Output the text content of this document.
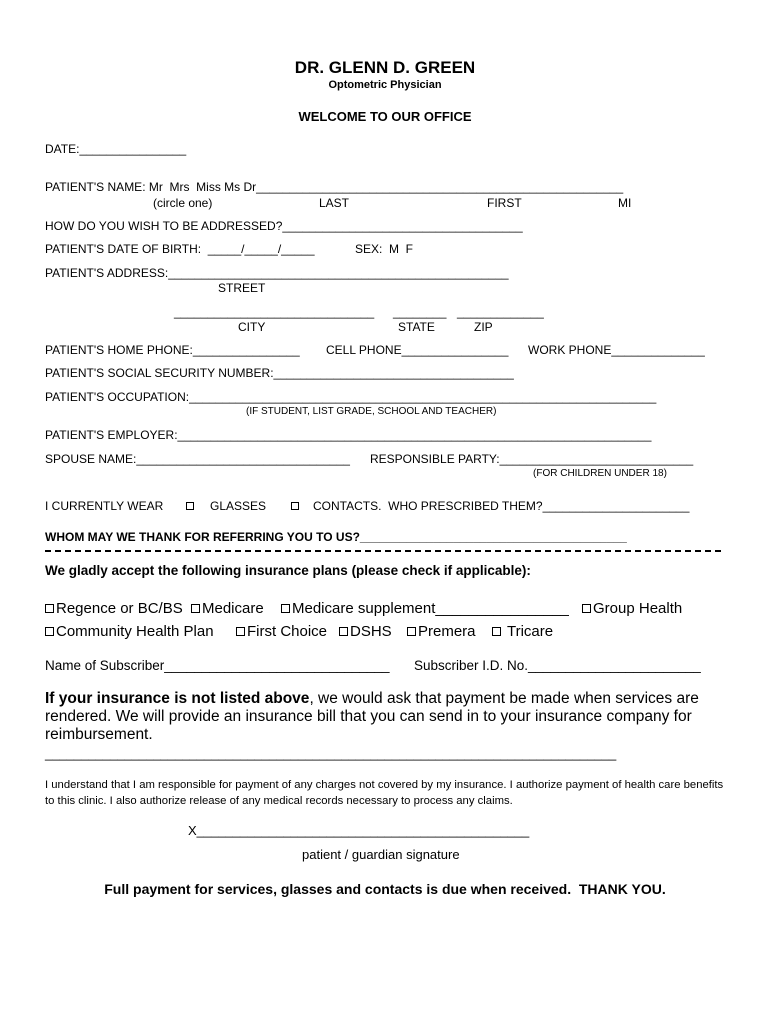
DR. GLENN D. GREEN
Optometric Physician
WELCOME TO OUR OFFICE
DATE:________________
PATIENT'S NAME: Mr  Mrs  Miss Ms Dr_______________________________________________________
(circle one)	LAST	FIRST	MI
HOW DO YOU WISH TO BE ADDRESSED?____________________________________
PATIENT'S DATE OF BIRTH:  _____/_____/_____	SEX:  M  F
PATIENT'S ADDRESS:___________________________________________________
STREET
______________________________ ________ _____________
CITY	STATE	ZIP
PATIENT'S HOME PHONE:________________ CELL PHONE________________ WORK PHONE______________
PATIENT'S SOCIAL SECURITY NUMBER:____________________________________
PATIENT'S OCCUPATION:______________________________________________________________________
(IF STUDENT, LIST GRADE, SCHOOL AND TEACHER)
PATIENT'S EMPLOYER:_______________________________________________________________________
SPOUSE NAME:________________________________ RESPONSIBLE PARTY:_____________________________
(FOR CHILDREN UNDER 18)
I CURRENTLY WEAR	GLASSES	CONTACTS.  WHO PRESCRIBED THEM?______________________
WHOM MAY WE THANK FOR REFERRING YOU TO US?________________________________________
We gladly accept the following insurance plans (please check if applicable):
Regence or BC/BS	Medicare	Medicare supplement________________	Group Health
Community Health Plan	First Choice	DSHS	Premera	Tricare
Name of Subscriber______________________________ Subscriber I.D. No._______________________
If your insurance is not listed above, we would ask that payment be made when services are rendered. We will provide an insurance bill that you can send in to your insurance company for reimbursement.
_______________________________________________________________________________
I understand that I am responsible for payment of any charges not covered by my insurance. I authorize payment of health care benefits to this clinic. I also authorize release of any medical records necessary to process any claims.
X______________________________________________
patient / guardian signature
Full payment for services, glasses and contacts is due when received.  THANK YOU.
